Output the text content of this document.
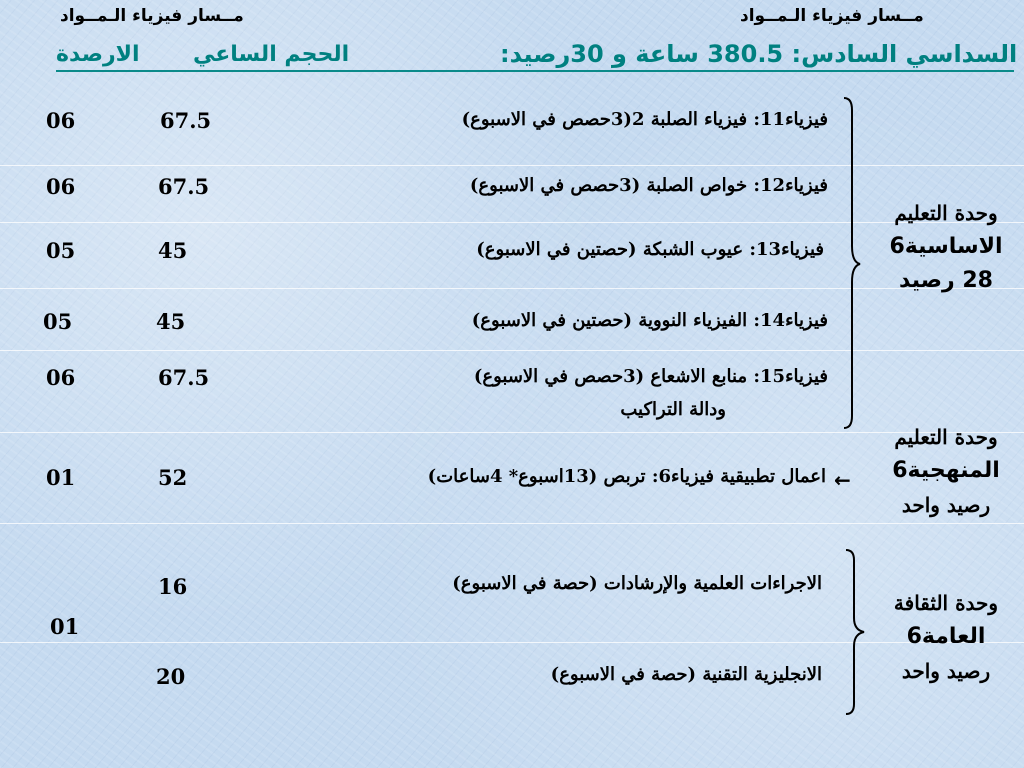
مــسار فيزياء الـمــواد	مــسار فيزياء الـمــواد
السداسي السادس: 380.5 ساعة و 30رصيد:
الارصدة الحجم الساعي
فيزياء11: فيزياء الصلبة 2(3حصص في الاسبوع)
67.5
06
فيزياء12: خواص الصلبة (3حصص في الاسبوع)
67.5
06
فيزياء13: عيوب الشبكة (حصتين في الاسبوع)
45
05
فيزياء14: الفيزياء النووية (حصتين في الاسبوع)
45
05
فيزياء15: منابع الاشعاع (3حصص في الاسبوع)
ودالة التراكيب
67.5
06
وحدة التعليم
الاساسية6
28 رصيد
وحدة التعليم
المنهجية6
رصيد واحد
←
اعمال تطبيقية فيزياء6: تربص (13اسبوع* 4ساعات)
52
01
الاجراءات العلمية والإرشادات (حصة في الاسبوع)
16
الانجليزية التقنية (حصة في الاسبوع)
20
01
وحدة الثقافة
العامة6
رصيد واحد
